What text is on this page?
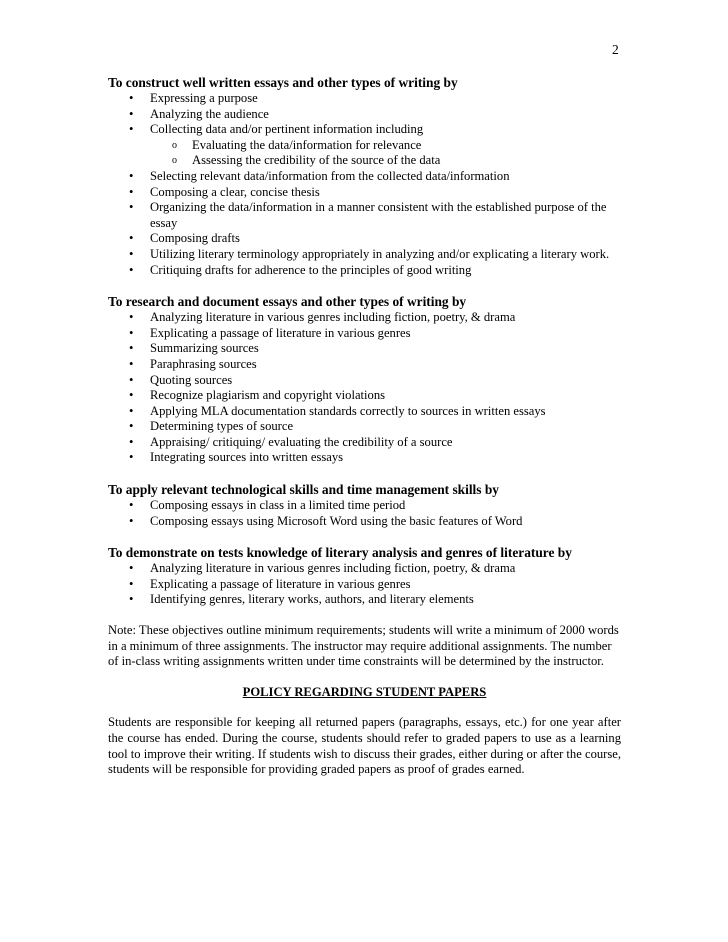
2

To construct well written essays and other types of writing by

• Expressing a purpose
• Analyzing the audience
• Collecting data and/or pertinent information including
o Evaluating the data/information for relevance
o Assessing the credibility of the source of the data
• Selecting relevant data/information from the collected data/information
• Composing a clear, concise thesis
• Organizing the data/information in a manner consistent with the established purpose of the essay
• Composing drafts
• Utilizing literary terminology appropriately in analyzing and/or explicating a literary work.
• Critiquing drafts for adherence to the principles of good writing

To research and document essays and other types of writing by

• Analyzing literature in various genres including fiction, poetry, & drama
• Explicating a passage of literature in various genres
• Summarizing sources
• Paraphrasing sources
• Quoting sources
• Recognize plagiarism and copyright violations
• Applying MLA documentation standards correctly to sources in written essays
• Determining types of source
• Appraising/ critiquing/ evaluating the credibility of a source
• Integrating sources into written essays

To apply relevant technological skills and time management skills by

• Composing essays in class in a limited time period
• Composing essays using Microsoft Word using the basic features of Word

To demonstrate on tests knowledge of literary analysis and genres of literature by

• Analyzing literature in various genres including fiction, poetry, & drama
• Explicating a passage of literature in various genres
• Identifying genres, literary works, authors, and literary elements

Note: These objectives outline minimum requirements; students will write a minimum of 2000 words in a minimum of three assignments. The instructor may require additional assignments. The number of in-class writing assignments written under time constraints will be determined by the instructor.

POLICY REGARDING STUDENT PAPERS

Students are responsible for keeping all returned papers (paragraphs, essays, etc.) for one year after the course has ended. During the course, students should refer to graded papers to use as a learning tool to improve their writing. If students wish to discuss their grades, either during or after the course, students will be responsible for providing graded papers as proof of grades earned.
